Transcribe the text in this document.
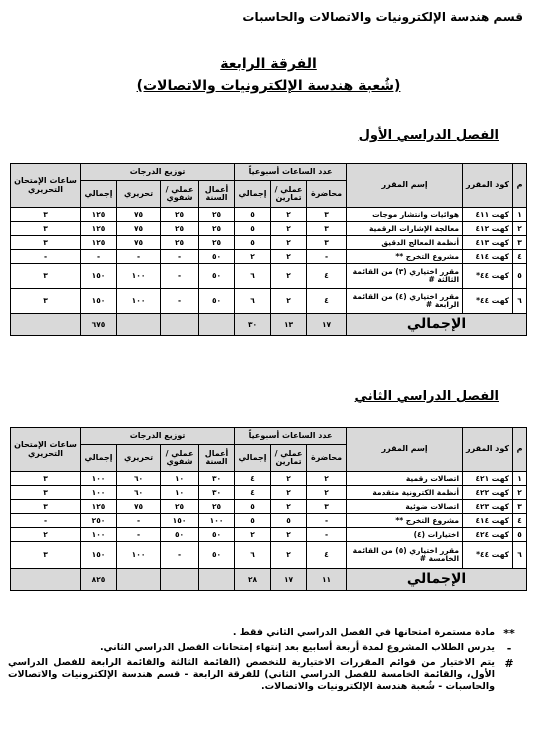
قسم هندسة الإلكترونيات والاتصالات والحاسبات
الفرقة الرابعة
(شُعبة هندسة الإلكترونيات والاتصالات)
الفصل الدراسي الأول
م	كود المقرر	إسم المقرر	عدد الساعات أسبوعياً			توزيع الدرجات				ساعات الإمتحان التحريري
			محاضرة	عملي / تمارين	إجمالي	أعمال السنة	عملي / شفوي	تحريري	إجمالي	
١	كهت ٤١١	هوائيات وانتشار موجات	٣	٢	٥	٢٥	٢٥	٧٥	١٢٥	٣
٢	كهت ٤١٢	معالجة الإشارات الرقمية	٣	٢	٥	٢٥	٢٥	٧٥	١٢٥	٣
٣	كهت ٤١٣	أنظمة المعالج الدقيق	٣	٢	٥	٢٥	٢٥	٧٥	١٢٥	٣
٤	كهت ٤١٤	مشروع التخرج **	-	٢	٢	٥٠	-	-	-	-
٥	كهت ٤٤*	مقرر اختياري (٣) من القائمة الثالثة #	٤	٢	٦	٥٠	-	١٠٠	١٥٠	٣
٦	كهت ٤٤*	مقرر اختياري (٤) من القائمة الرابعة #	٤	٢	٦	٥٠	-	١٠٠	١٥٠	٣
الإجمالي			١٧	١٣	٣٠				٦٧٥	
الفصل الدراسي الثاني
م	كود المقرر	إسم المقرر	عدد الساعات أسبوعياً			توزيع الدرجات				ساعات الإمتحان التحريري
			محاضرة	عملي / تمارين	إجمالي	أعمال السنة	عملي / شفوي	تحريري	إجمالي	
١	كهت ٤٢١	اتصالات رقمية	٢	٢	٤	٣٠	١٠	٦٠	١٠٠	٣
٢	كهت ٤٢٢	أنظمة الكترونية متقدمة	٢	٢	٤	٣٠	١٠	٦٠	١٠٠	٣
٣	كهت ٤٢٣	اتصالات ضوئية	٣	٢	٥	٢٥	٢٥	٧٥	١٢٥	٣
٤	كهت ٤١٤	مشروع التخرج **	-	٥	٥	١٠٠	١٥٠	-	٢٥٠	-
٥	كهت ٤٢٤	اختيارات (٤)	-	٢	٢	٥٠	٥٠	-	١٠٠	٢
٦	كهت ٤٤*	مقرر اختياري (٥) من القائمة الخامسة #	٤	٢	٦	٥٠	-	١٠٠	١٥٠	٣
الإجمالي			١١	١٧	٢٨				٨٢٥	
**
مادة مستمرة امتحانها في الفصل الدراسي الثاني فقط .
-
يدرس الطلاب المشروع لمدة أربعة أسابيع بعد إنتهاء إمتحانات الفصل الدراسي الثاني.
#
يتم الاختيار من قوائم المقررات الاختيارية للتخصص (القائمة الثالثة والقائمة الرابعة للفصل الدراسي الأول، والقائمة الخامسة للفصل الدراسي الثاني) للفرقة الرابعة - قسم هندسة الإلكترونيات والاتصالات والحاسبات - شُعبة هندسة الإلكترونيات والاتصالات.
